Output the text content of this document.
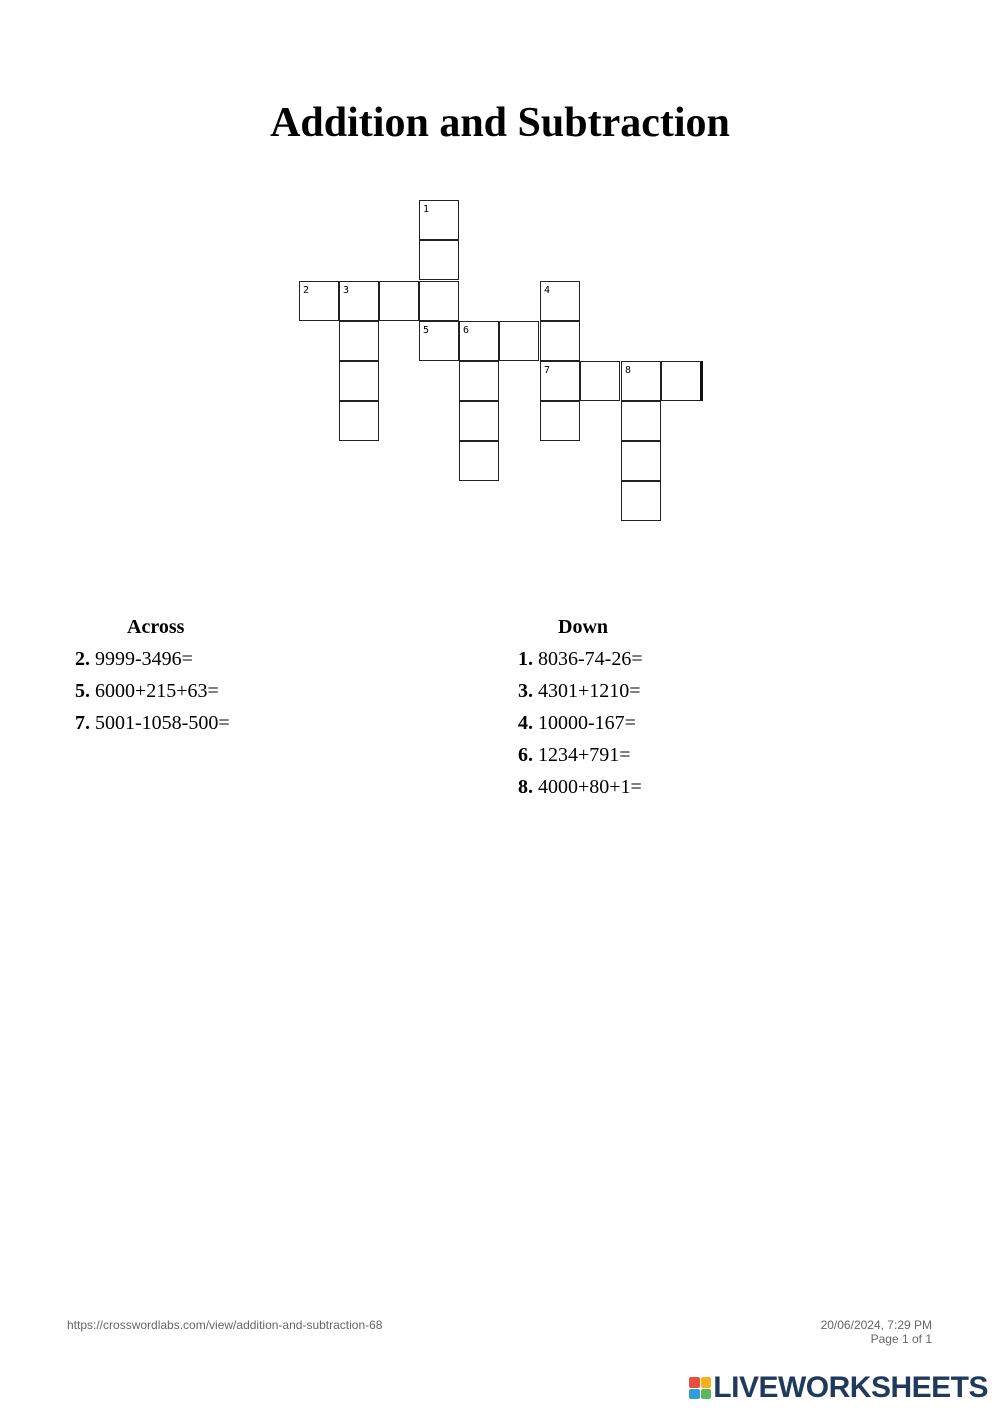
Addition and Subtraction
1
2	3	4
5	6
7	8
Across
2. 9999-3496=
5. 6000+215+63=
7. 5001-1058-500=
Down
1. 8036-74-26=
3. 4301+1210=
4. 10000-167=
6. 1234+791=
8. 4000+80+1=
https://crosswordlabs.com/view/addition-and-subtraction-68	20/06/2024, 7:29 PM
Page 1 of 1
LIVEWORKSHEETS
